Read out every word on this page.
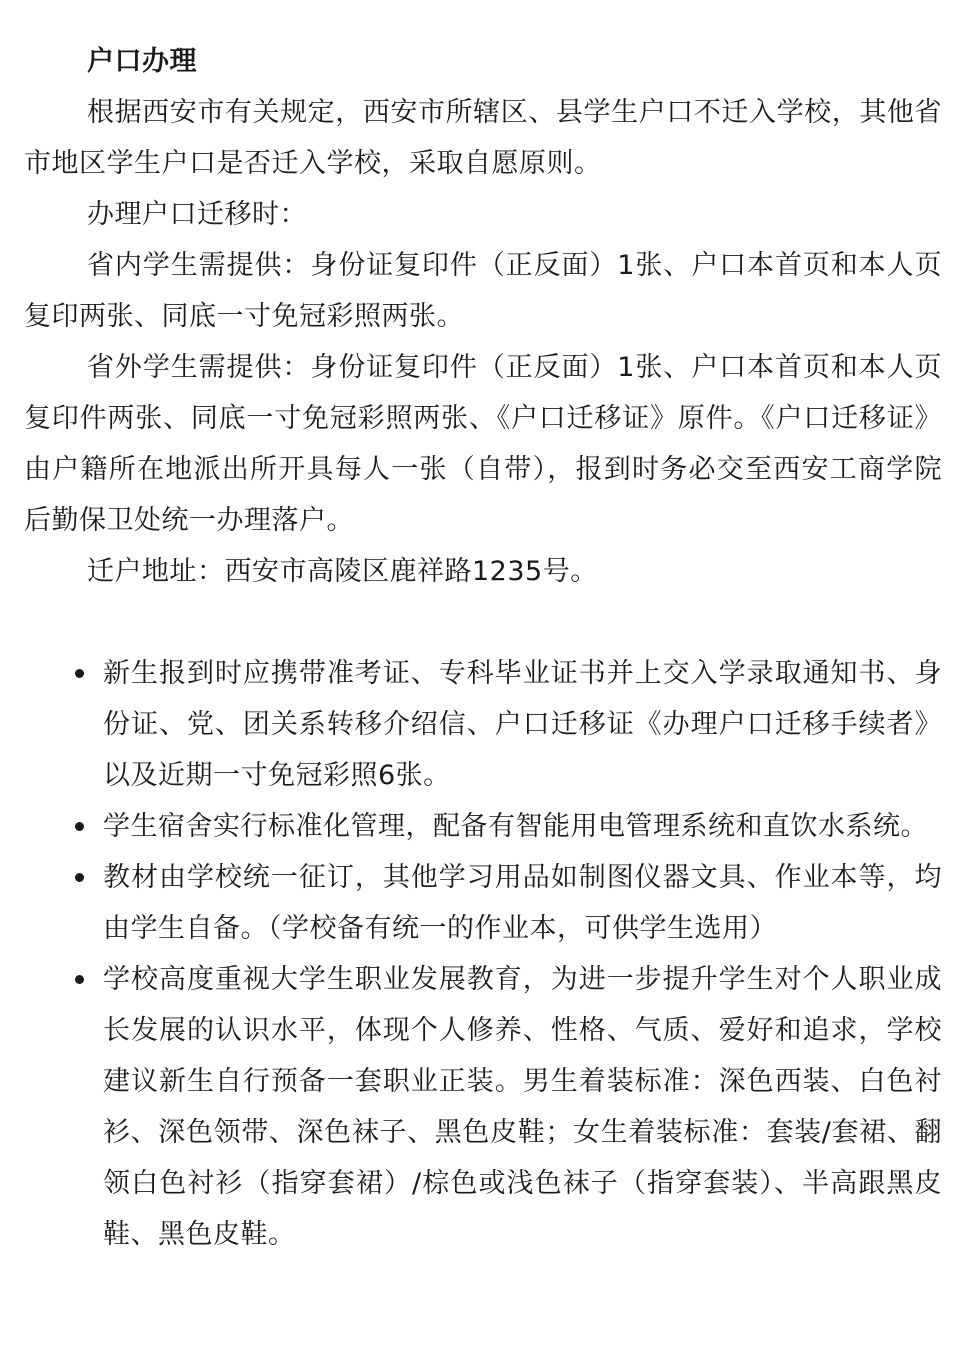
户口办理

根据西安市有关规定，西安市所辖区、县学生户口不迁入学校，其他省市地区学生户口是否迁入学校，采取自愿原则。

办理户口迁移时：

省内学生需提供：身份证复印件（正反面）1张、户口本首页和本人页复印两张、同底一寸免冠彩照两张。

省外学生需提供：身份证复印件（正反面）1张、户口本首页和本人页复印件两张、同底一寸免冠彩照两张、《户口迁移证》原件。《户口迁移证》由户籍所在地派出所开具每人一张（自带），报到时务必交至西安工商学院后勤保卫处统一办理落户。

迁户地址：西安市高陵区鹿祥路1235号。

新生报到时应携带准考证、专科毕业证书并上交入学录取通知书、身份证、党、团关系转移介绍信、户口迁移证《办理户口迁移手续者》以及近期一寸免冠彩照6张。
学生宿舍实行标准化管理，配备有智能用电管理系统和直饮水系统。
教材由学校统一征订，其他学习用品如制图仪器文具、作业本等，均由学生自备。（学校备有统一的作业本，可供学生选用）
学校高度重视大学生职业发展教育，为进一步提升学生对个人职业成长发展的认识水平，体现个人修养、性格、气质、爱好和追求，学校建议新生自行预备一套职业正装。男生着装标准：深色西装、白色衬衫、深色领带、深色袜子、黑色皮鞋；女生着装标准：套装/套裙、翻领白色衬衫（指穿套裙）/棕色或浅色袜子（指穿套装）、半高跟黑皮鞋、黑色皮鞋。
